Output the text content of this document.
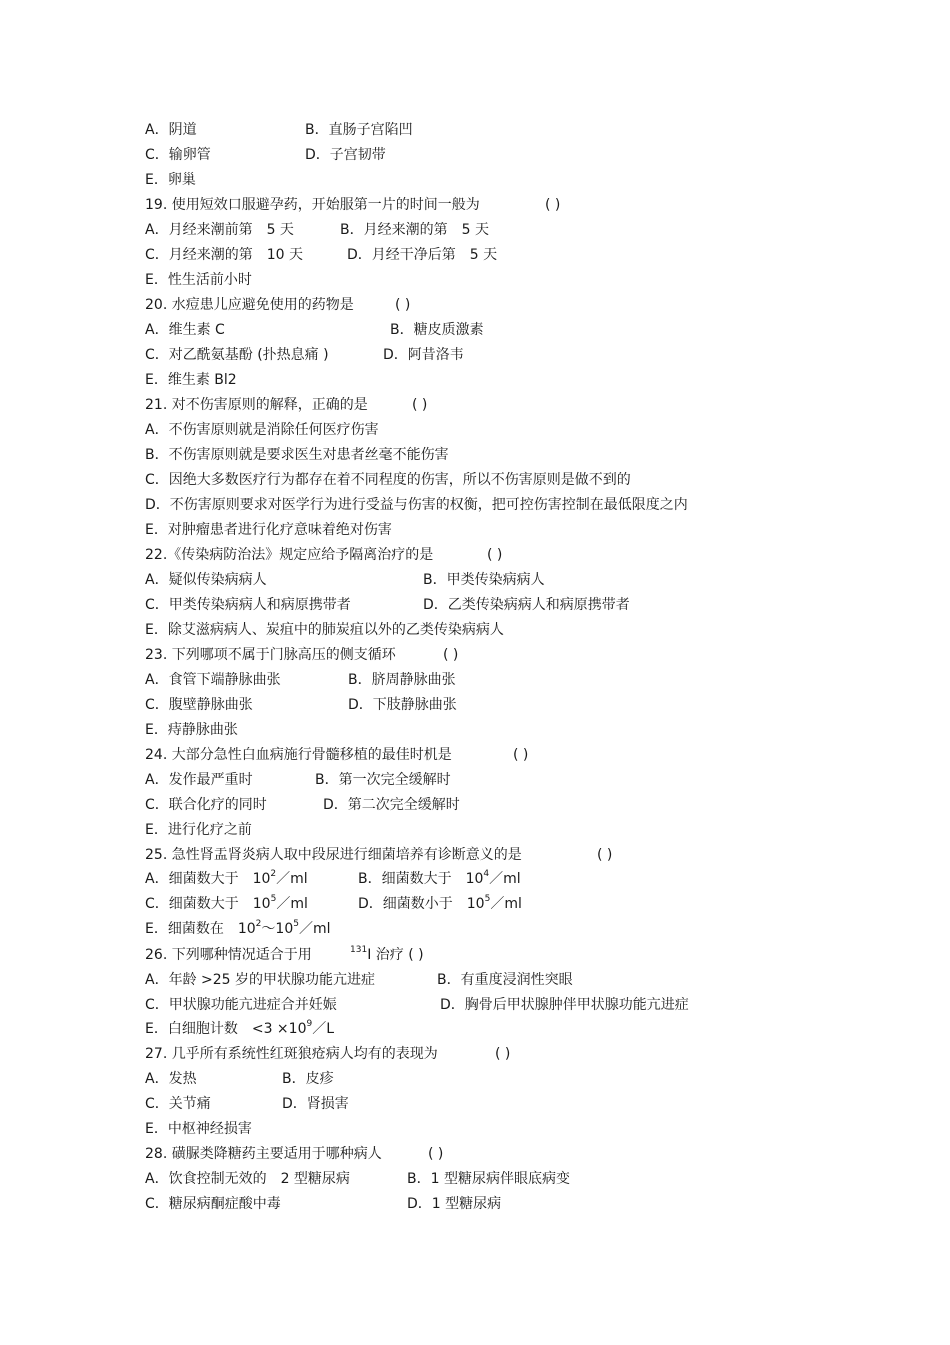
A．阴道	B．直肠子宫陷凹
C．输卵管	D．子宫韧带
E．卵巢
19. 使用短效口服避孕药，开始服第一片的时间一般为	( )
A．月经来潮前第　5 天	B．月经来潮的第　5 天
C．月经来潮的第　10 天	D．月经干净后第　5 天
E．性生活前小时
20. 水痘患儿应避免使用的药物是	( )
A．维生素 C	B．糖皮质激素
C．对乙酰氨基酚 (扑热息痛 )	D．阿昔洛韦
E．维生素 Bl2
21. 对不伤害原则的解释，正确的是	( )
A．不伤害原则就是消除任何医疗伤害
B．不伤害原则就是要求医生对患者丝毫不能伤害
C．因绝大多数医疗行为都存在着不同程度的伤害，所以不伤害原则是做不到的
D．不伤害原则要求对医学行为进行受益与伤害的权衡，把可控伤害控制在最低限度之内
E．对肿瘤患者进行化疗意味着绝对伤害
22.《传染病防治法》规定应给予隔离治疗的是	( )
A．疑似传染病病人	B．甲类传染病病人
C．甲类传染病病人和病原携带者	D．乙类传染病病人和病原携带者
E．除艾滋病病人、炭疽中的肺炭疽以外的乙类传染病病人
23. 下列哪项不属于门脉高压的侧支循环	( )
A．食管下端静脉曲张	B．脐周静脉曲张
C．腹壁静脉曲张	D．下肢静脉曲张
E．痔静脉曲张
24. 大部分急性白血病施行骨髓移植的最佳时机是	( )
A．发作最严重时	B．第一次完全缓解时
C．联合化疗的同时	D．第二次完全缓解时
E．进行化疗之前
25. 急性肾盂肾炎病人取中段尿进行细菌培养有诊断意义的是	( )
A．细菌数大于　$10^2/ml$	B．细菌数大于　$10^4/ml$
C．细菌数大于　$10^5/ml$	D．细菌数小于　$10^5/ml$
E．细菌数在　$10^2\sim 10^5/ml$
26. 下列哪种情况适合于用	$^{131}$I 治疗 ( )
A．年龄 >25 岁的甲状腺功能亢进症	B．有重度浸润性突眼
C．甲状腺功能亢进症合并妊娠	D．胸骨后甲状腺肿伴甲状腺功能亢进症
E．白细胞计数　$<3 \times 10^9/L$
27. 几乎所有系统性红斑狼疮病人均有的表现为	( )
A．发热	B．皮疹
C．关节痛	D．肾损害
E．中枢神经损害
28. 磺脲类降糖药主要适用于哪种病人	( )
A．饮食控制无效的　2 型糖尿病	B．1 型糖尿病伴眼底病变
C．糖尿病酮症酸中毒	D．1 型糖尿病
